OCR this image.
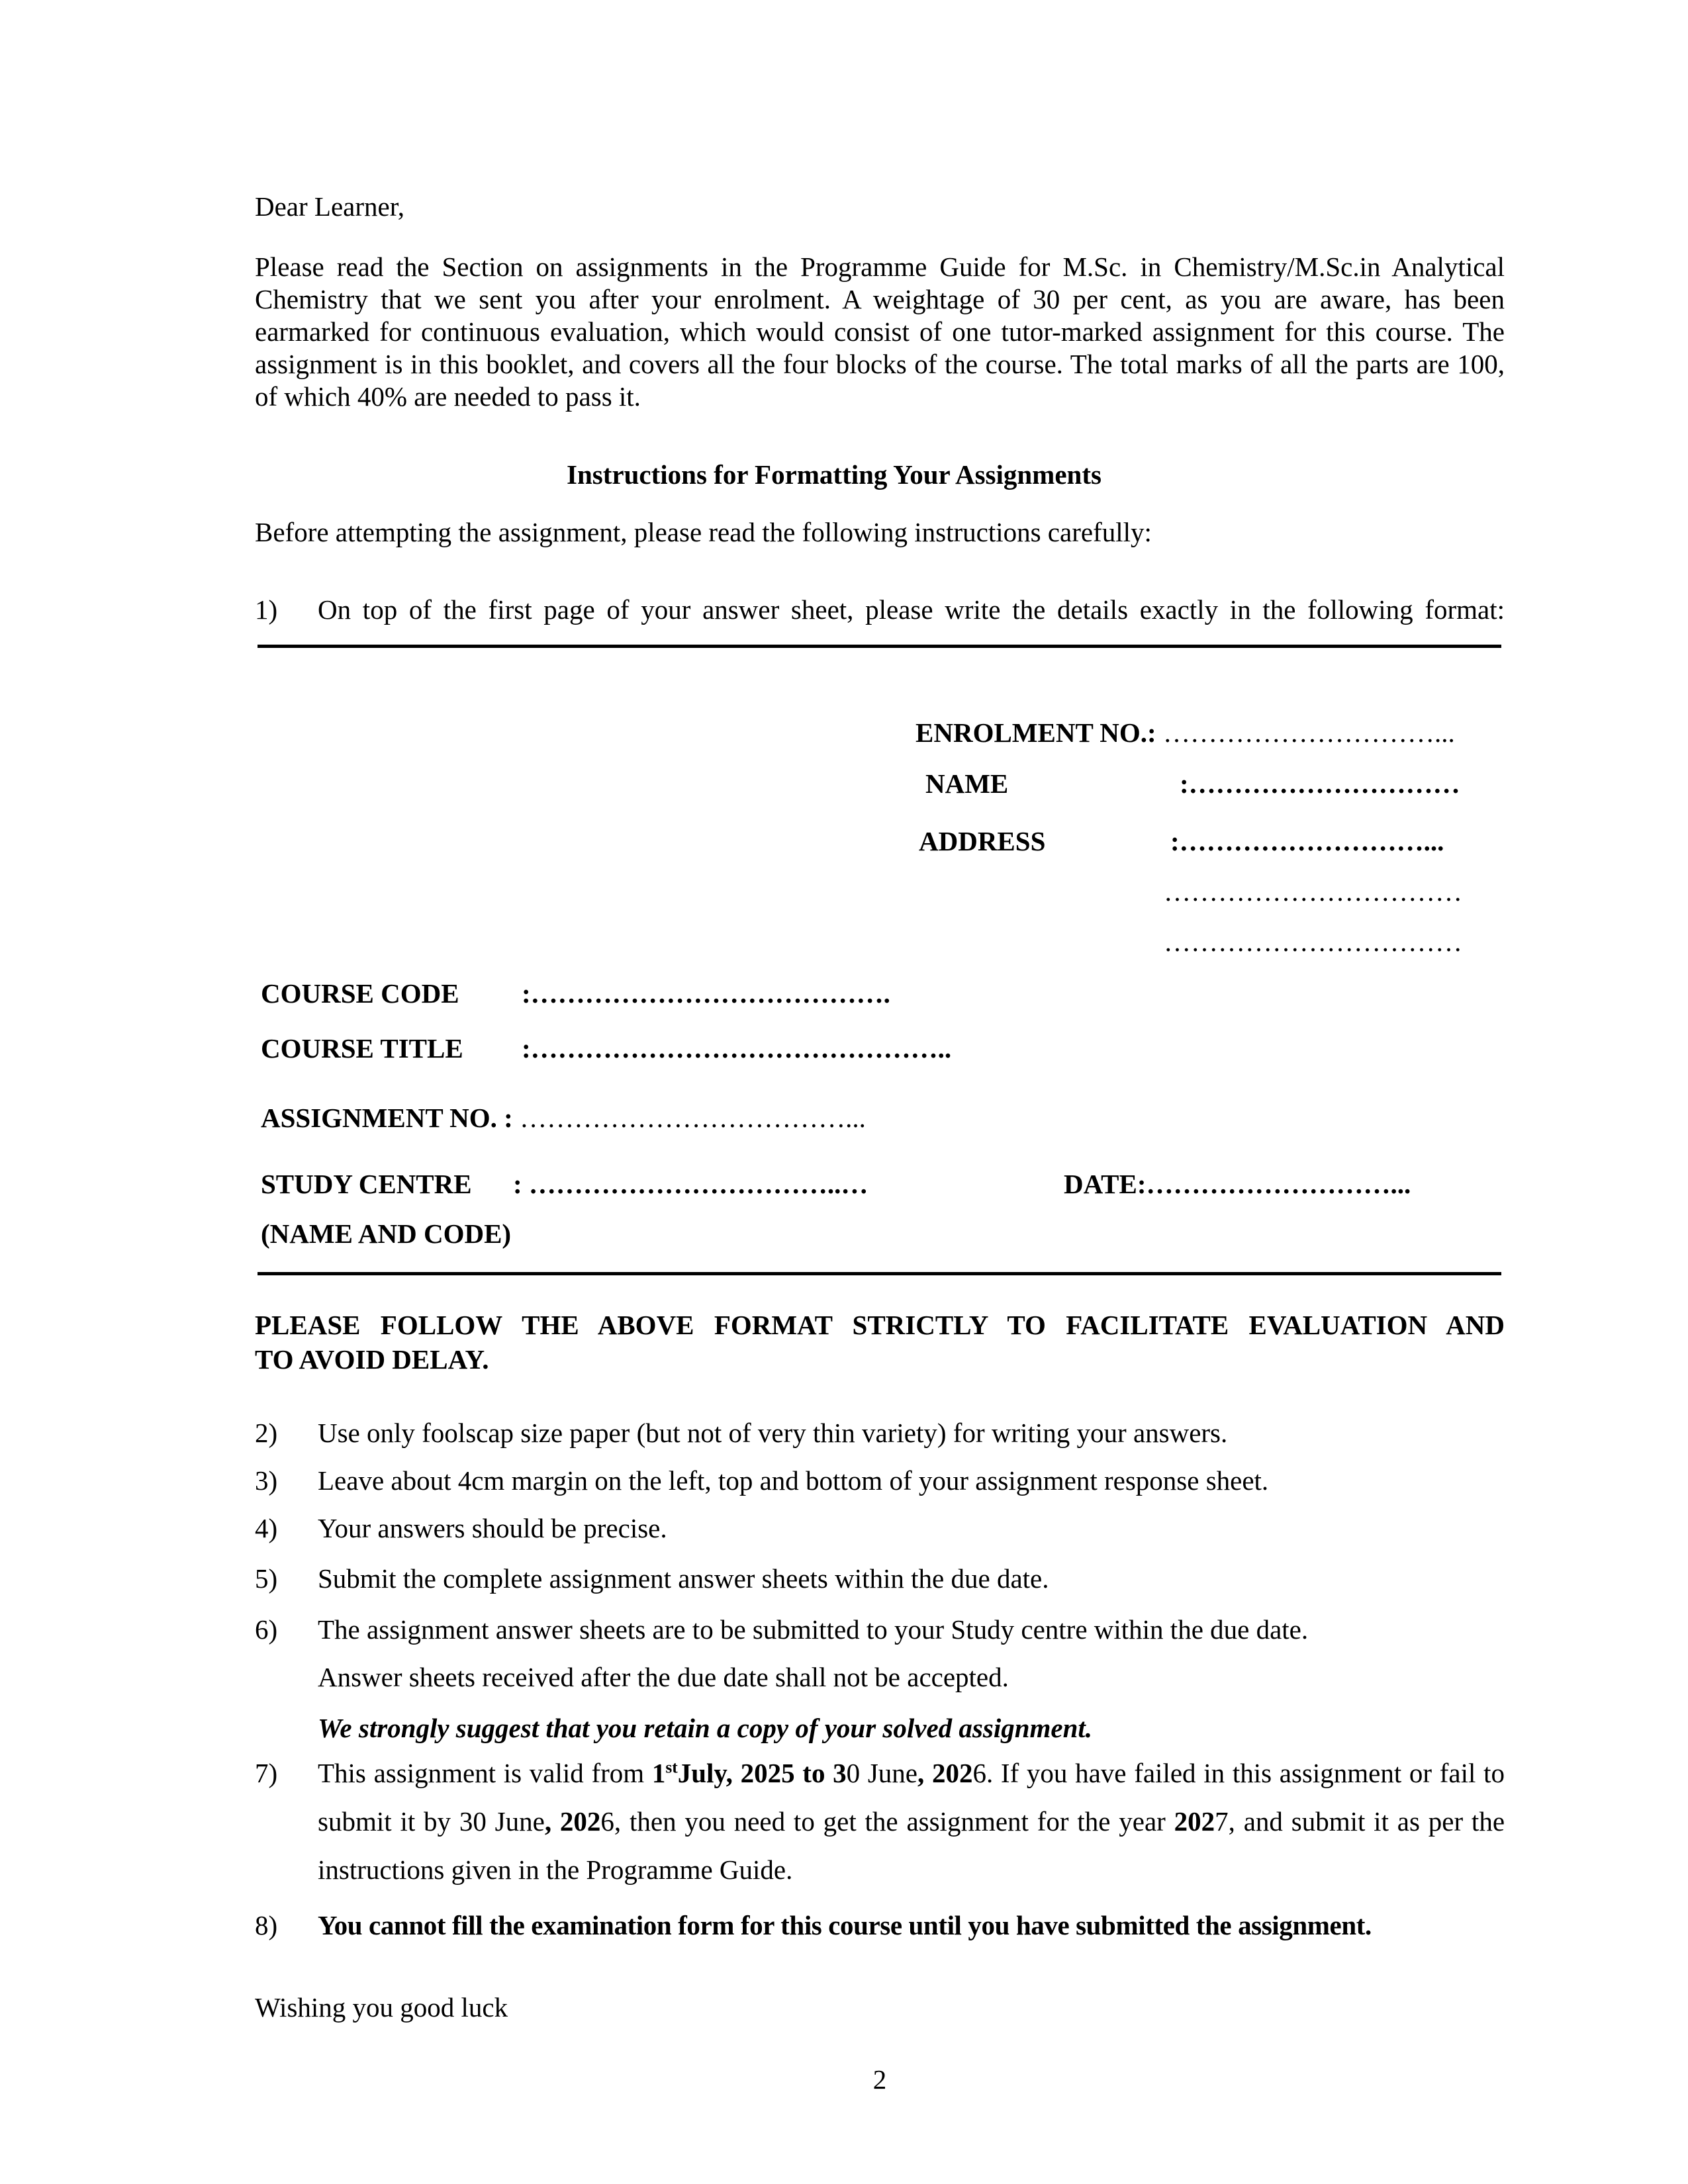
Dear Learner,
Please read the Section on assignments in the Programme Guide for M.Sc. in Chemistry/M.Sc.in Analytical Chemistry that we sent you after your enrolment. A weightage of 30 per cent, as you are aware, has been earmarked for continuous evaluation, which would consist of one tutor-marked assignment for this course. The assignment is in this booklet, and covers all the four blocks of the course. The total marks of all the parts are 100, of which 40% are needed to pass it.
Instructions for Formatting Your Assignments
Before attempting the assignment, please read the following instructions carefully:
1)	On top of the first page of your answer sheet, please write the details exactly in the following format:
ENROLMENT NO.: …………………………...
NAME	:…………………………
ADDRESS	:………………………...
……………………………
……………………………
COURSE CODE	:………………………………….
COURSE TITLE	:………………………………………..
ASSIGNMENT NO. : ………………………………...
STUDY CENTRE	: ……………………………..…	DATE:………………………...
(NAME AND CODE)
PLEASE FOLLOW THE ABOVE FORMAT STRICTLY TO FACILITATE EVALUATION AND
TO AVOID DELAY.
2)	Use only foolscap size paper (but not of very thin variety) for writing your answers.
3)	Leave about 4cm margin on the left, top and bottom of your assignment response sheet.
4)	Your answers should be precise.
5)	Submit the complete assignment answer sheets within the due date.
6)	The assignment answer sheets are to be submitted to your Study centre within the due date.
Answer sheets received after the due date shall not be accepted.
We strongly suggest that you retain a copy of your solved assignment.
7)	This assignment is valid from 1stJuly, 2025 to 30 June, 2026. If you have failed in this assignment or fail to submit it by 30 June, 2026, then you need to get the assignment for the year 2027, and submit it as per the instructions given in the Programme Guide.
8)	You cannot fill the examination form for this course until you have submitted the assignment.
Wishing you good luck
2
